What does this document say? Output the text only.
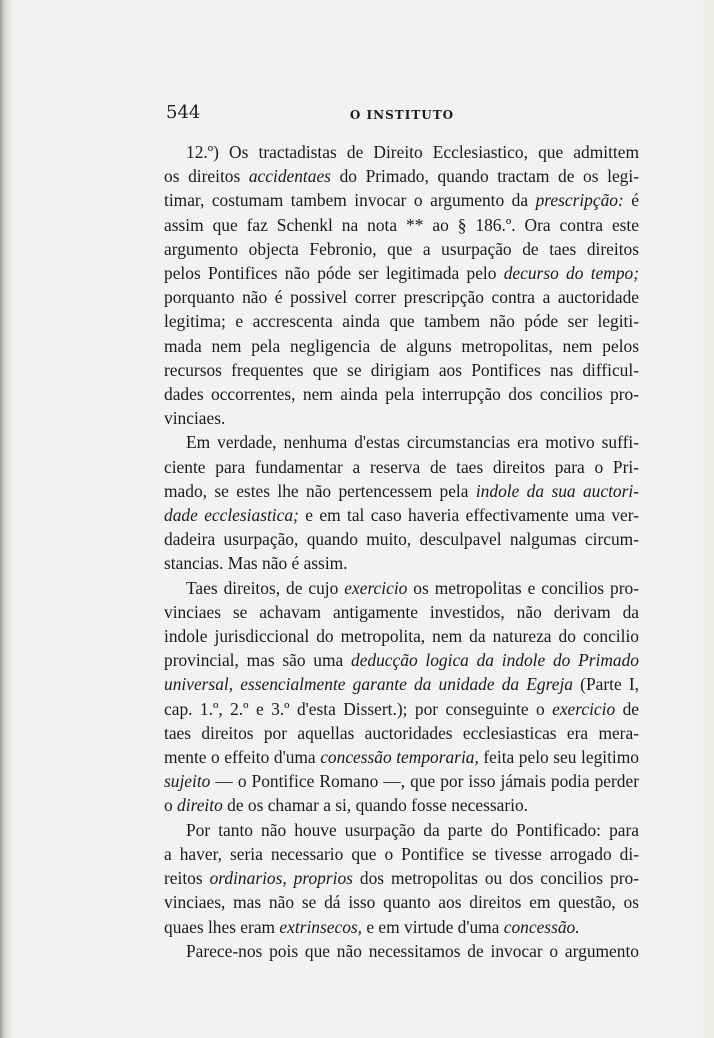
544	O INSTITUTO
12.º) Os tractadistas de Direito Ecclesiastico, que admittem
os direitos accidentaes do Primado, quando tractam de os legi-
timar, costumam tambem invocar o argumento da prescripção: é
assim que faz Schenkl na nota ** ao § 186.º. Ora contra este
argumento objecta Febronio, que a usurpação de taes direitos
pelos Pontifices não póde ser legitimada pelo decurso do tempo;
porquanto não é possivel correr prescripção contra a auctoridade
legitima; e accrescenta ainda que tambem não póde ser legiti-
mada nem pela negligencia de alguns metropolitas, nem pelos
recursos frequentes que se dirigiam aos Pontifices nas difficul-
dades occorrentes, nem ainda pela interrupção dos concilios pro-
vinciaes.
Em verdade, nenhuma d'estas circumstancias era motivo suffi-
ciente para fundamentar a reserva de taes direitos para o Pri-
mado, se estes lhe não pertencessem pela indole da sua auctori-
dade ecclesiastica; e em tal caso haveria effectivamente uma ver-
dadeira usurpação, quando muito, desculpavel nalgumas circum-
stancias. Mas não é assim.
Taes direitos, de cujo exercicio os metropolitas e concilios pro-
vinciaes se achavam antigamente investidos, não derivam da
indole jurisdiccional do metropolita, nem da natureza do concilio
provincial, mas são uma deducção logica da indole do Primado
universal, essencialmente garante da unidade da Egreja (Parte I,
cap. 1.º, 2.º e 3.º d'esta Dissert.); por conseguinte o exercicio de
taes direitos por aquellas auctoridades ecclesiasticas era mera-
mente o effeito d'uma concessão temporaria, feita pelo seu legitimo
sujeito — o Pontifice Romano —, que por isso jámais podia perder
o direito de os chamar a si, quando fosse necessario.
Por tanto não houve usurpação da parte do Pontificado: para
a haver, seria necessario que o Pontifice se tivesse arrogado di-
reitos ordinarios, proprios dos metropolitas ou dos concilios pro-
vinciaes, mas não se dá isso quanto aos direitos em questão, os
quaes lhes eram extrinsecos, e em virtude d'uma concessão.
Parece-nos pois que não necessitamos de invocar o argumento
